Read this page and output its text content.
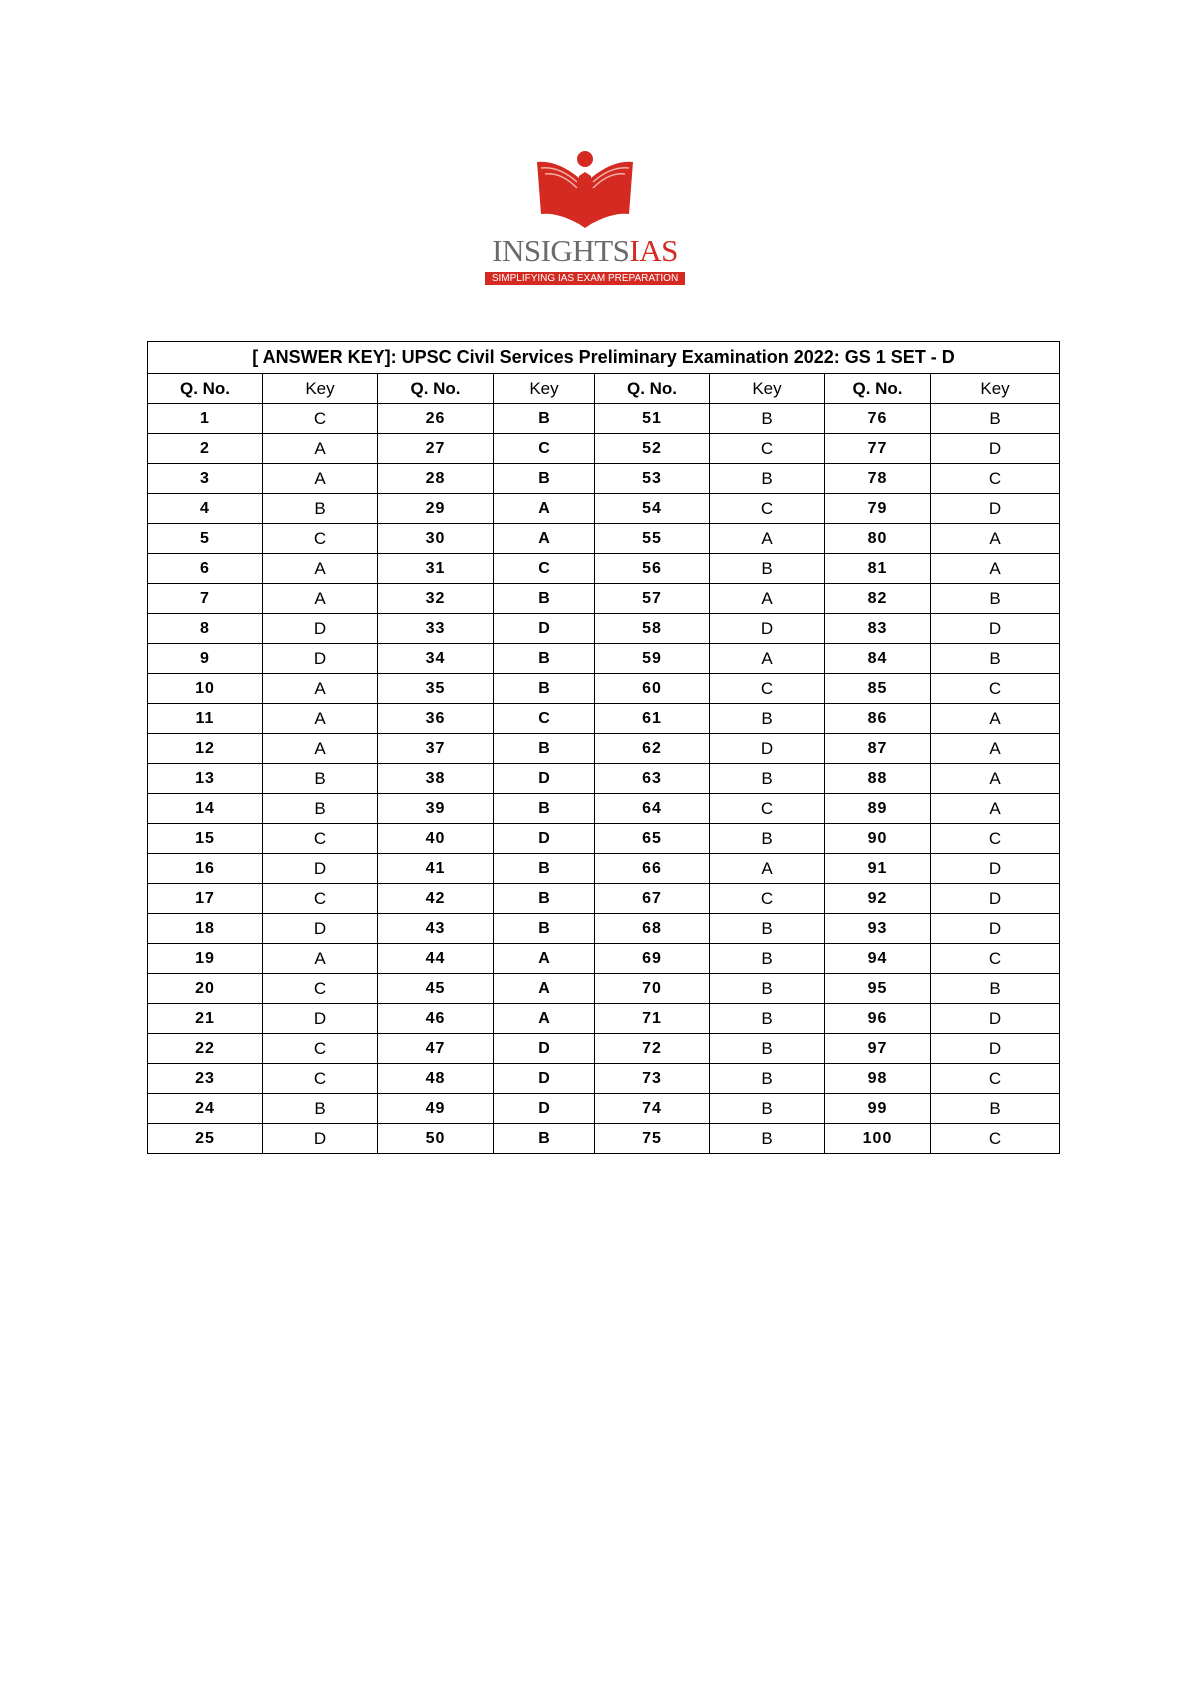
INSIGHTSIAS
SIMPLIFYING IAS EXAM PREPARATION
[ ANSWER KEY]: UPSC Civil Services Preliminary Examination 2022: GS 1 SET - D							
Q. No.	Key	Q. No.	Key	Q. No.	Key	Q. No.	Key
1	C	26	B	51	B	76	B
2	A	27	C	52	C	77	D
3	A	28	B	53	B	78	C
4	B	29	A	54	C	79	D
5	C	30	A	55	A	80	A
6	A	31	C	56	B	81	A
7	A	32	B	57	A	82	B
8	D	33	D	58	D	83	D
9	D	34	B	59	A	84	B
10	A	35	B	60	C	85	C
11	A	36	C	61	B	86	A
12	A	37	B	62	D	87	A
13	B	38	D	63	B	88	A
14	B	39	B	64	C	89	A
15	C	40	D	65	B	90	C
16	D	41	B	66	A	91	D
17	C	42	B	67	C	92	D
18	D	43	B	68	B	93	D
19	A	44	A	69	B	94	C
20	C	45	A	70	B	95	B
21	D	46	A	71	B	96	D
22	C	47	D	72	B	97	D
23	C	48	D	73	B	98	C
24	B	49	D	74	B	99	B
25	D	50	B	75	B	100	C
